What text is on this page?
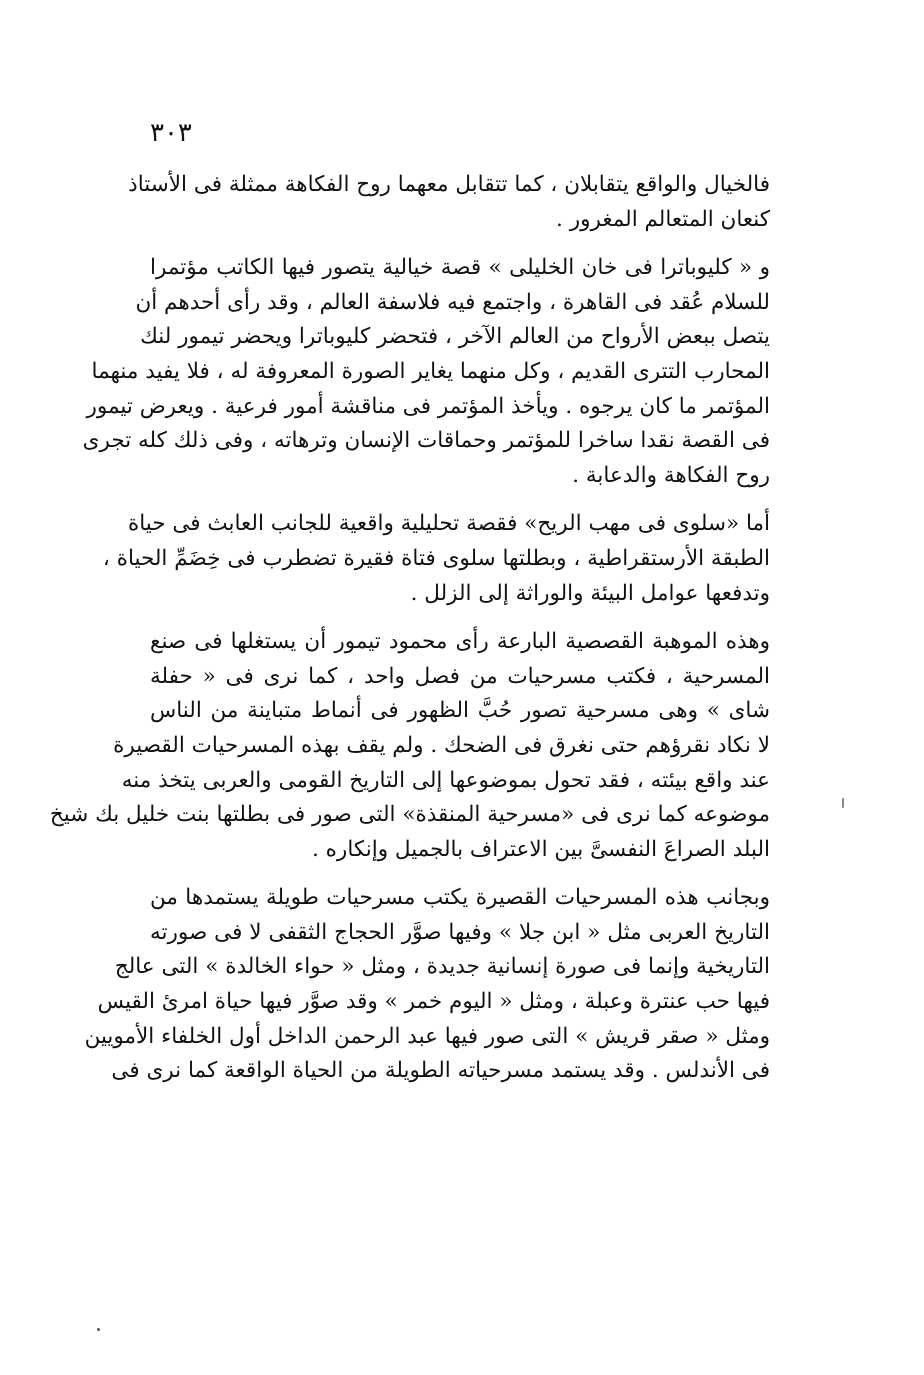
٣٠٣
فالخيال والواقع يتقابلان ، كما تتقابل معهما روح الفكاهة ممثلة فى الأستاذ
كنعان المتعالم المغرور .
و « كليوباترا فى خان الخليلى » قصة خيالية يتصور فيها الكاتب مؤتمرا
للسلام عُقد فى القاهرة ، واجتمع فيه فلاسفة العالم ، وقد رأى أحدهم أن
يتصل ببعض الأرواح من العالم الآخر ، فتحضر كليوباترا ويحضر تيمور لنك
المحارب التترى القديم ، وكل منهما يغاير الصورة المعروفة له ، فلا يفيد منهما
المؤتمر ما كان يرجوه . ويأخذ المؤتمر فى مناقشة أمور فرعية . ويعرض تيمور
فى القصة نقدا ساخرا للمؤتمر وحماقات الإنسان وترهاته ، وفى ذلك كله تجرى
روح الفكاهة والدعابة .
أما «سلوى فى مهب الريح» فقصة تحليلية واقعية للجانب العابث فى حياة
الطبقة الأرستقراطية ، وبطلتها سلوى فتاة فقيرة تضطرب فى خِضَمِّ الحياة ،
وتدفعها عوامل البيئة والوراثة إلى الزلل .
وهذه الموهبة القصصية البارعة رأى محمود تيمور أن يستغلها فى صنع
المسرحية ، فكتب مسرحيات من فصل واحد ، كما نرى فى « حفلة
شاى » وهى مسرحية تصور حُبَّ الظهور فى أنماط متباينة من الناس
لا نكاد نقرؤهم حتى نغرق فى الضحك . ولم يقف بهذه المسرحيات القصيرة
عند واقع بيئته ، فقد تحول بموضوعها إلى التاريخ القومى والعربى يتخذ منه
موضوعه كما نرى فى «مسرحية المنقذة» التى صور فى بطلتها بنت خليل بك شيخ
البلد الصراعَ النفسىَّ بين الاعتراف بالجميل وإنكاره .
وبجانب هذه المسرحيات القصيرة يكتب مسرحيات طويلة يستمدها من
التاريخ العربى مثل « ابن جلا » وفيها صوَّر الحجاج الثقفى لا فى صورته
التاريخية وإنما فى صورة إنسانية جديدة ، ومثل « حواء الخالدة » التى عالج
فيها حب عنترة وعبلة ، ومثل « اليوم خمر » وقد صوَّر فيها حياة امرئ القيس
ومثل « صقر قريش » التى صور فيها عبد الرحمن الداخل أول الخلفاء الأمويين
فى الأندلس . وقد يستمد مسرحياته الطويلة من الحياة الواقعة كما نرى فى
